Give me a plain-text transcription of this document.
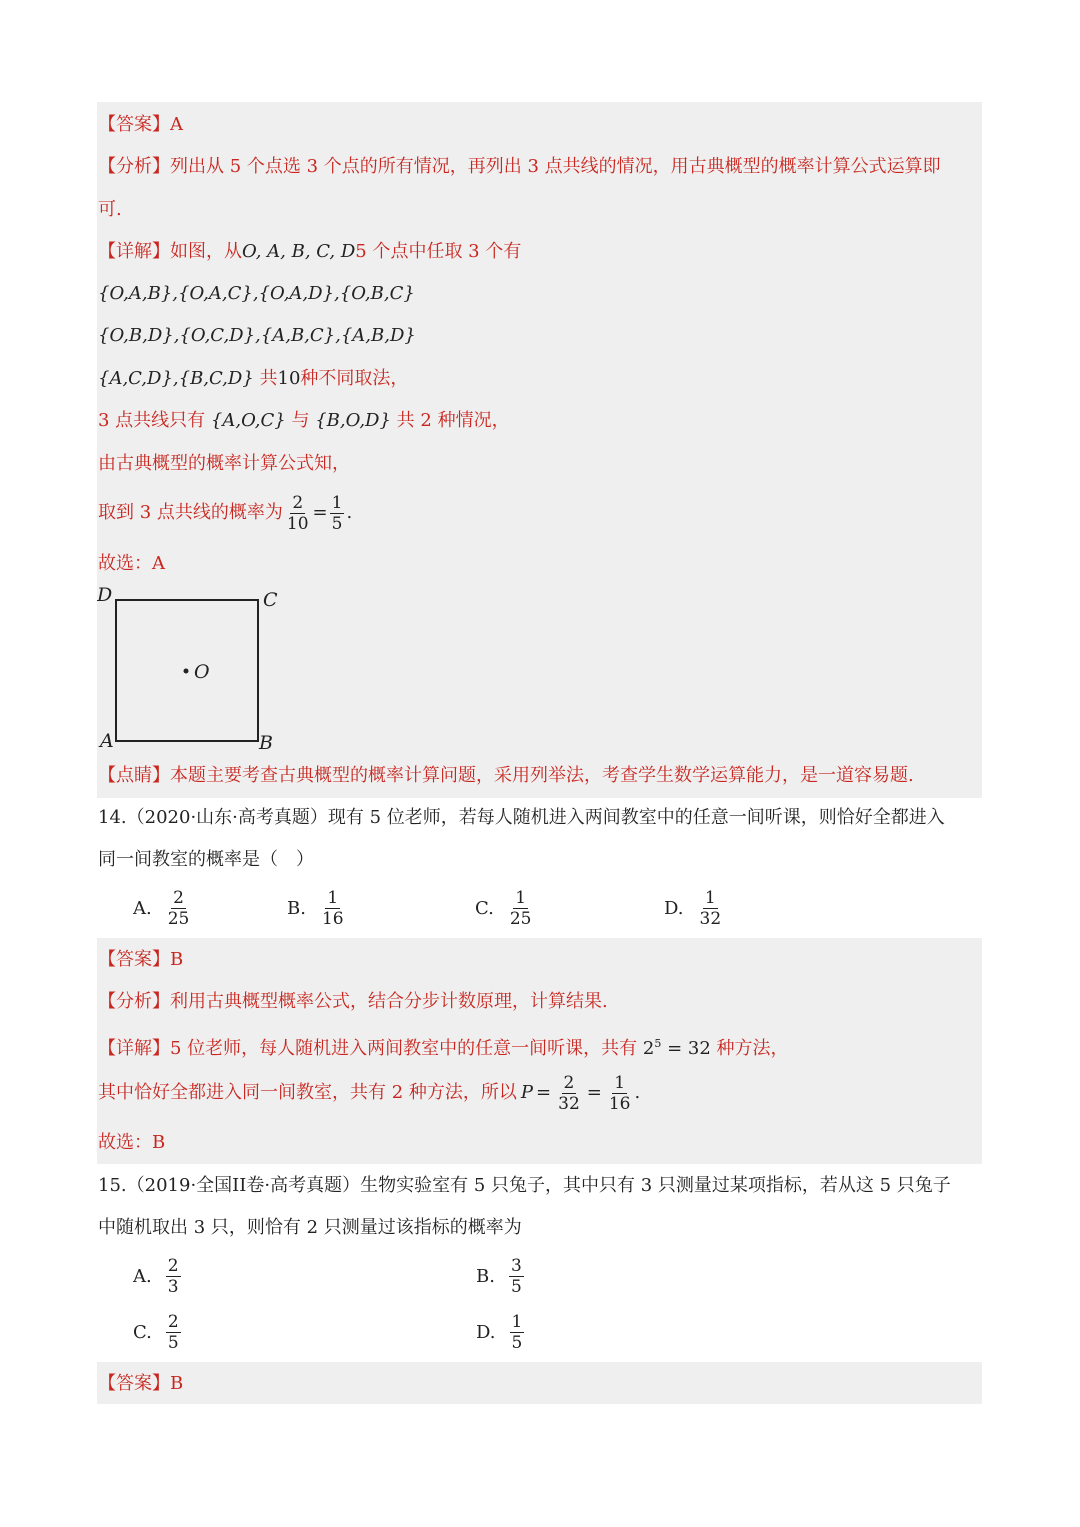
【答案】A
【分析】列出从 5 个点选 3 个点的所有情况，再列出 3 点共线的情况，用古典概型的概率计算公式运算即
可.
【详解】如图，从O, A, B, C, D5 个点中任取 3 个有
{O,A,B},{O,A,C},{O,A,D},{O,B,C}
{O,B,D},{O,C,D},{A,B,C},{A,B,D}
{A,C,D},{B,C,D} 共10种不同取法，
3 点共线只有 {A,O,C} 与 {B,O,D} 共 2 种情况，
由古典概型的概率计算公式知，
取到 3 点共线的概率为 $\frac{2}{10} = \frac{1}{5}$ .
故选：A
D	C
A	B
O
【点睛】本题主要考查古典概型的概率计算问题，采用列举法，考查学生数学运算能力，是一道容易题.
14.（2020·山东·高考真题）现有 5 位老师，若每人随机进入两间教室中的任意一间听课，则恰好全都进入
同一间教室的概率是（　）
A. $\frac{2}{25}$	B. $\frac{1}{16}$	C. $\frac{1}{25}$	D. $\frac{1}{32}$
【答案】B
【分析】利用古典概型概率公式，结合分步计数原理，计算结果.
【详解】5 位老师，每人随机进入两间教室中的任意一间听课，共有 $2^5 = 32$ 种方法，
其中恰好全都进入同一间教室，共有 2 种方法，所以 $P = \frac{2}{32} = \frac{1}{16}$ .
故选：B
15.（2019·全国II卷·高考真题）生物实验室有 5 只兔子，其中只有 3 只测量过某项指标，若从这 5 只兔子
中随机取出 3 只，则恰有 2 只测量过该指标的概率为
A. $\frac{2}{3}$	B. $\frac{3}{5}$
C. $\frac{2}{5}$	D. $\frac{1}{5}$
【答案】B
